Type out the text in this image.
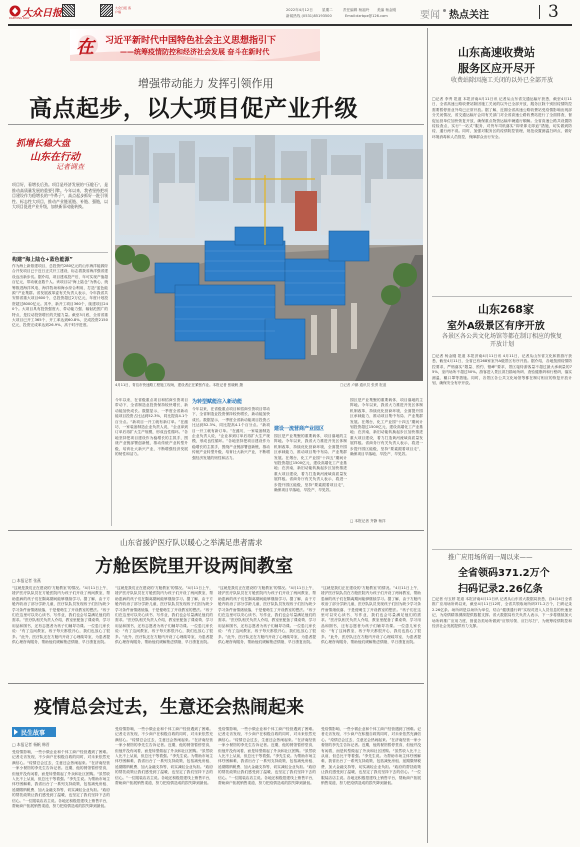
大众日报
DAZHONG DAILY
大众日报 客户端	2022年4月12日	星期二	责任编辑 杨福玲 美编 杨金刚
新闻热线 (0531)85193500	Email:dzrbpx@126.com	要闻 热点关注	3
在 习近平新时代中国特色社会主义思想指引下
——统筹疫情防控和经济社会发展 奋斗在新时代
增强带动能力 发挥引领作用
高点起步，以大项目促产业升级
抓增长稳大盘
山东在行动
记者调查

项目好，看增长后劲。项目是经济发展的“压舱石”，是推动高质量发展的重要引擎。今年以来，我省坚持把项目建设作为稳增长的“牛鼻子”，高点起步抓好一批引领性、标志性大项目，推动产业链延链、补链、强链，以大项目促进产业升级，加快新旧动能转换。

构建“海上陆仓+蓝色能源”

作为海上新基建项目，总投资约280亿元的山东海洋能源综合开发项目已于近日正式开工建设，标志着我省海洋强省建设迈出新步伐。据介绍，项目建成投产后，年可实现产值超百亿元，带动就业数千人。该项目以“海上陆仓”为核心，统筹推进海洋风电、海洋牧场和海水综合利用，打造“蓝色能源”产业集群。省发展改革委有关负责人表示，今年我省共安排省重大项目600个，总投资超过2万亿元，年度计划投资超过8000亿元。其中，新开工项目360个，续建项目240个。大项目具有投资强度大、带动能力强、辐射范围广的特点，是拉动投资增长的关键力量。截至3月底，全省省重大项目已开工365个，开工率达到60.8%，完成投资2150亿元，投资完成率达到26.9%，高于时序进度。

4月11日，青岛市快速路工程施工现场，建设者正在紧张作业。本报记者 张晓帆 摄	□记者 卢鹏 通讯员 张勇 报道

今年以来，在省级重点项目和招商引资项目带动下，全省制造业投资保持较快增长，新动能加快成长。数据显示，一季度全省新动能项目投资占比达到52.3%，同比提高4.1个百分点。“新项目一开工就有新订单。”在潍坊，一家装备制造企业负责人说，“企业拿到订单后再扩大生产规模，形成良性循环。”各地坚持把项目建设作为稳增长的主抓手，围绕产业链部署创新链，推动传统产业转型升级，培育壮大新兴产业，不断增强经济发展的韧性和活力。

为转型赋能注入新动能

今年以来，在省级重点项目和招商引资项目带动下，全省制造业投资保持较快增长，新动能加快成长。数据显示，一季度全省新动能项目投资占比达到52.3%，同比提高4.1个百分点。“新项目一开工就有新订单。”在潍坊，一家装备制造企业负责人说，“企业拿到订单后再扩大生产规模，形成良性循环。”各地坚持把项目建设作为稳增长的主抓手，围绕产业链部署创新链，推动传统产业转型升级，培育壮大新兴产业，不断增强经济发展的韧性和活力。

建设一流营商产业园区

园区是产业集聚的重要载体，项目落地的主阵地。今年以来，我省大力推进开发区体制机制改革，持续优化营商环境，全面提升园区承载能力，推动项目集中布局、产业集群发展。在烟台，化工产业园“十四五”期间计划投资超过1500亿元，建设高端化工产业基地；在济南，新旧动能转换起步区加快推进重大项目建设，着力打造黄河流域高质量发展样板。省商务厅有关负责人表示，将进一步提升园区能级，坚持“要素跟着项目走”，确保项目早落地、早投产、早见效。

园区是产业集聚的重要载体，项目落地的主阵地。今年以来，我省大力推进开发区体制机制改革，持续优化营商环境，全面提升园区承载能力，推动项目集中布局、产业集群发展。在烟台，化工产业园“十四五”期间计划投资超过1500亿元，建设高端化工产业基地；在济南，新旧动能转换起步区加快推进重大项目建设，着力打造黄河流域高质量发展样板。省商务厅有关负责人表示，将进一步提升园区能级，坚持“要素跟着项目走”，确保项目早落地、早投产、早见效。

□ 本报记者 齐静 杨洋
山东高速收费站
服务区应开尽开

收费站除因施工关闭的以外已全部开放

□记者 李秀 报道 本报济南4月11日讯 记者从山东省交通运输厅获悉，截至4月11日，全省高速公路收费站除因施工关闭的以外已全部开放，服务区除个别因疫情防控需要暂停营业外均已正常开放。据了解，近期全省高速公路收费站受疫情影响出现部分关闭情况，省交通运输厅会同有关部门对全省高速公路收费站进行了全面排查，督促运营单位加快恢复开放，确保重点物资运输车辆通行顺畅。全省高速公路共设置防疫检查点，实行“一站式”服务，对货车司机落实“即采即走即追”措施，切实做到防疫、通行两不误。同时，加强对服务区的疫情防控管理，规范设置测温扫码点，做好环境消毒和人员管控，保障群众出行安全。

山东268家
室外A级景区有序开放

各景区各公共文化场馆等都在制订相应的恢复开放计划

□记者 杨金刚 报道 本报济南4月11日讯 4月11日，记者从山东省文化和旅游厅获悉，截至4月11日，全省已有268家室外A级景区有序开放。据介绍，各地按照疫情防控要求，严格落实“限量、预约、错峰”要求，景区接待游客量不超过最大承载量的75%，室内场所不超过50%。游客进入景区须扫描场所码、查验健康码和行程码，落实测温、戴口罩等措施。同时，各景区各公共文化场馆等都在制订相应的恢复开放计划，确保安全有序开放。

推广应用场所码一周以来——
全省领码371.2万个
扫码记录2.26亿条

□记者 付玉婷 报道 本报济南4月11日讯 记者从山东省大数据局获悉，自4月4日全省推广应用场所码以来，截至4月11日12时，全省共领取场所码371.2万个，扫码记录2.26亿条。场所码是以场所为单位，结合“健康通行码”实现对进入人员信息的快速登记，为疫情精准溯源提供数据支撑。省大数据局有关负责人表示，下一步将继续加大场所码推广应用力度，督促各类场所做到“应领尽领、应扫尽扫”，为统筹疫情防控和经济社会发展提供有力支撑。

山东省援沪医疗队以暖心之举满足患者需求
方舱医院里开设两间教室
□ 本报记者 张燕

“这就是我们正在建设的‘方舱教室’的情况。”4月11日上午，援沪医疗队队员在方舱医院内为孩子们开设了两间教室，帮助患病的孩子们在隔离期间能够继续学习。据了解，由于方舱内收治了部分学龄儿童，医疗队队员发现孩子们因为缺少学习条件而情绪低落，于是便萌生了开设教室的想法。“孩子们在这里可以安心读书、写作业，我们也会尽量满足他们的需求。”医疗队相关负责人介绍，教室里配备了课桌椅、学习用品和图书，还有志愿者为孩子们辅导功课。一位患儿家长说：“有了这间教室，孩子每天都很开心，我们也放心了很多。”此外，医疗队还在方舱内开设了心理疏导室，为患者提供心理咨询服务，帮助他们缓解焦虑情绪，早日康复出院。

“这就是我们正在建设的‘方舱教室’的情况。”4月11日上午，援沪医疗队队员在方舱医院内为孩子们开设了两间教室，帮助患病的孩子们在隔离期间能够继续学习。据了解，由于方舱内收治了部分学龄儿童，医疗队队员发现孩子们因为缺少学习条件而情绪低落，于是便萌生了开设教室的想法。“孩子们在这里可以安心读书、写作业，我们也会尽量满足他们的需求。”医疗队相关负责人介绍，教室里配备了课桌椅、学习用品和图书，还有志愿者为孩子们辅导功课。一位患儿家长说：“有了这间教室，孩子每天都很开心，我们也放心了很多。”此外，医疗队还在方舱内开设了心理疏导室，为患者提供心理咨询服务，帮助他们缓解焦虑情绪，早日康复出院。

“这就是我们正在建设的‘方舱教室’的情况。”4月11日上午，援沪医疗队队员在方舱医院内为孩子们开设了两间教室，帮助患病的孩子们在隔离期间能够继续学习。据了解，由于方舱内收治了部分学龄儿童，医疗队队员发现孩子们因为缺少学习条件而情绪低落，于是便萌生了开设教室的想法。“孩子们在这里可以安心读书、写作业，我们也会尽量满足他们的需求。”医疗队相关负责人介绍，教室里配备了课桌椅、学习用品和图书，还有志愿者为孩子们辅导功课。一位患儿家长说：“有了这间教室，孩子每天都很开心，我们也放心了很多。”此外，医疗队还在方舱内开设了心理疏导室，为患者提供心理咨询服务，帮助他们缓解焦虑情绪，早日康复出院。

“这就是我们正在建设的‘方舱教室’的情况。”4月11日上午，援沪医疗队队员在方舱医院内为孩子们开设了两间教室，帮助患病的孩子们在隔离期间能够继续学习。据了解，由于方舱内收治了部分学龄儿童，医疗队队员发现孩子们因为缺少学习条件而情绪低落，于是便萌生了开设教室的想法。“孩子们在这里可以安心读书、写作业，我们也会尽量满足他们的需求。”医疗队相关负责人介绍，教室里配备了课桌椅、学习用品和图书，还有志愿者为孩子们辅导功课。一位患儿家长说：“有了这间教室，孩子每天都很开心，我们也放心了很多。”此外，医疗队还在方舱内开设了心理疏导室，为患者提供心理咨询服务，帮助他们缓解焦虑情绪，早日康复出院。

疫情总会过去，生意还会热闹起来
民生故事
□ 本报记者 杨帆 韩晋

受疫情影响，一些小微企业和个体工商户经营遇到了困难。记者走访发现，不少商户在积极自救的同时，对未来依然充满信心。“疫情总会过去，生意还会热闹起来。”在济南经营一家小餐馆的李先生告诉记者。近期，他的餐馆暂停堂食，但他并没有闲着，而是转型做起了外卖和社区团购。“虽然收入比不上从前，但总比干等着强。”李先生说。为帮助市场主体纾困解难，我省出台了一系列支持政策，包括减免房租、延期缴纳税费、加大金融支持等，切实减轻企业负担。“政府的帮扶政策让我们感受到了温暖，也坚定了我们坚持下去的信心。”一位服装店店主说。各地还积极搭建线上销售平台，帮助商户拓展销售渠道，努力把疫情造成的损失降到最低。

受疫情影响，一些小微企业和个体工商户经营遇到了困难。记者走访发现，不少商户在积极自救的同时，对未来依然充满信心。“疫情总会过去，生意还会热闹起来。”在济南经营一家小餐馆的李先生告诉记者。近期，他的餐馆暂停堂食，但他并没有闲着，而是转型做起了外卖和社区团购。“虽然收入比不上从前，但总比干等着强。”李先生说。为帮助市场主体纾困解难，我省出台了一系列支持政策，包括减免房租、延期缴纳税费、加大金融支持等，切实减轻企业负担。“政府的帮扶政策让我们感受到了温暖，也坚定了我们坚持下去的信心。”一位服装店店主说。各地还积极搭建线上销售平台，帮助商户拓展销售渠道，努力把疫情造成的损失降到最低。

受疫情影响，一些小微企业和个体工商户经营遇到了困难。记者走访发现，不少商户在积极自救的同时，对未来依然充满信心。“疫情总会过去，生意还会热闹起来。”在济南经营一家小餐馆的李先生告诉记者。近期，他的餐馆暂停堂食，但他并没有闲着，而是转型做起了外卖和社区团购。“虽然收入比不上从前，但总比干等着强。”李先生说。为帮助市场主体纾困解难，我省出台了一系列支持政策，包括减免房租、延期缴纳税费、加大金融支持等，切实减轻企业负担。“政府的帮扶政策让我们感受到了温暖，也坚定了我们坚持下去的信心。”一位服装店店主说。各地还积极搭建线上销售平台，帮助商户拓展销售渠道，努力把疫情造成的损失降到最低。

受疫情影响，一些小微企业和个体工商户经营遇到了困难。记者走访发现，不少商户在积极自救的同时，对未来依然充满信心。“疫情总会过去，生意还会热闹起来。”在济南经营一家小餐馆的李先生告诉记者。近期，他的餐馆暂停堂食，但他并没有闲着，而是转型做起了外卖和社区团购。“虽然收入比不上从前，但总比干等着强。”李先生说。为帮助市场主体纾困解难，我省出台了一系列支持政策，包括减免房租、延期缴纳税费、加大金融支持等，切实减轻企业负担。“政府的帮扶政策让我们感受到了温暖，也坚定了我们坚持下去的信心。”一位服装店店主说。各地还积极搭建线上销售平台，帮助商户拓展销售渠道，努力把疫情造成的损失降到最低。
